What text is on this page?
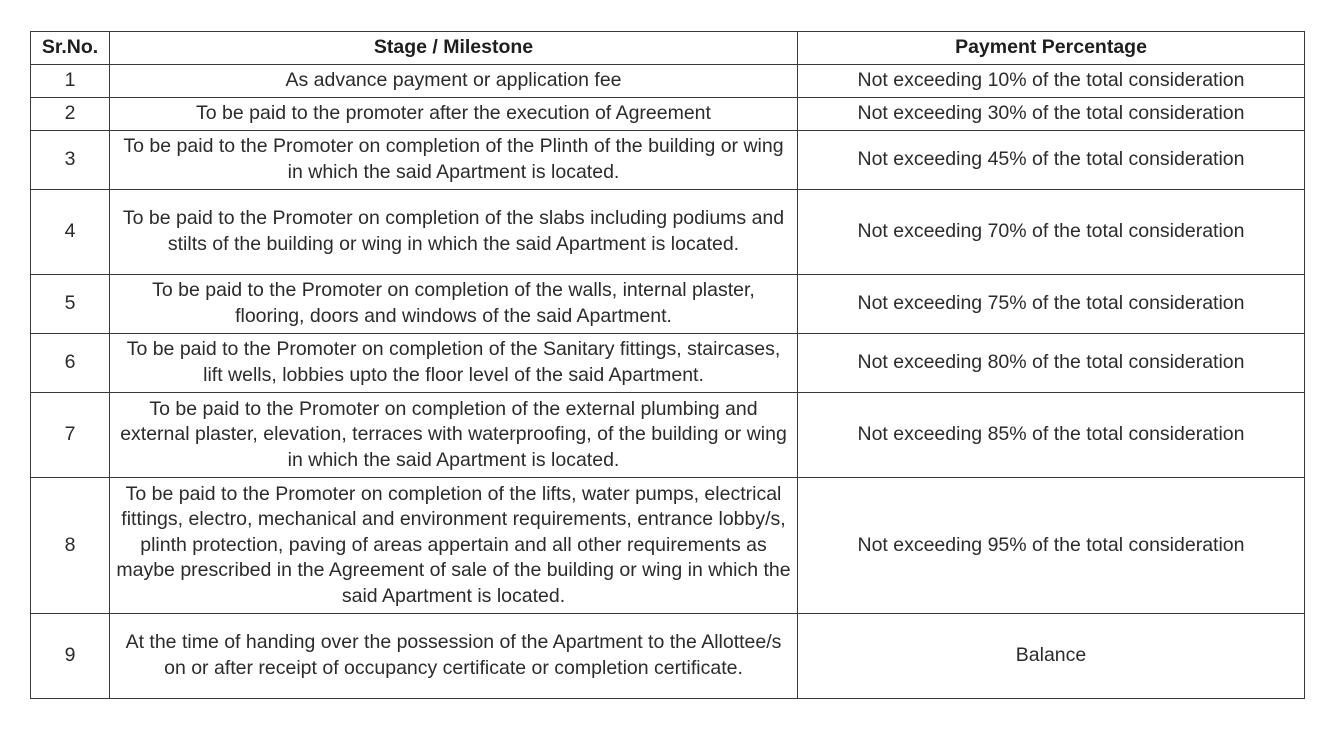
Sr.No.	Stage / Milestone	Payment Percentage
1	As advance payment or application fee	Not exceeding 10% of the total consideration
2	To be paid to the promoter after the execution of Agreement	Not exceeding 30% of the total consideration
3	To be paid to the Promoter on completion of the Plinth of the building or wing in which the said Apartment is located.	Not exceeding 45% of the total consideration
4	To be paid to the Promoter on completion of the slabs including podiums and stilts of the building or wing in which the said Apartment is located.	Not exceeding 70% of the total consideration
5	To be paid to the Promoter on completion of the walls, internal plaster, flooring, doors and windows of the said Apartment.	Not exceeding 75% of the total consideration
6	To be paid to the Promoter on completion of the Sanitary fittings, staircases, lift wells, lobbies upto the floor level of the said Apartment.	Not exceeding 80% of the total consideration
7	To be paid to the Promoter on completion of the external plumbing and external plaster, elevation, terraces with waterproofing, of the building or wing in which the said Apartment is located.	Not exceeding 85% of the total consideration
8	To be paid to the Promoter on completion of the lifts, water pumps, electrical fittings, electro, mechanical and environment requirements, entrance lobby/s, plinth protection, paving of areas appertain and all other requirements as maybe prescribed in the Agreement of sale of the building or wing in which the said Apartment is located.	Not exceeding 95% of the total consideration
9	At the time of handing over the possession of the Apartment to the Allottee/s on or after receipt of occupancy certificate or completion certificate.	Balance
